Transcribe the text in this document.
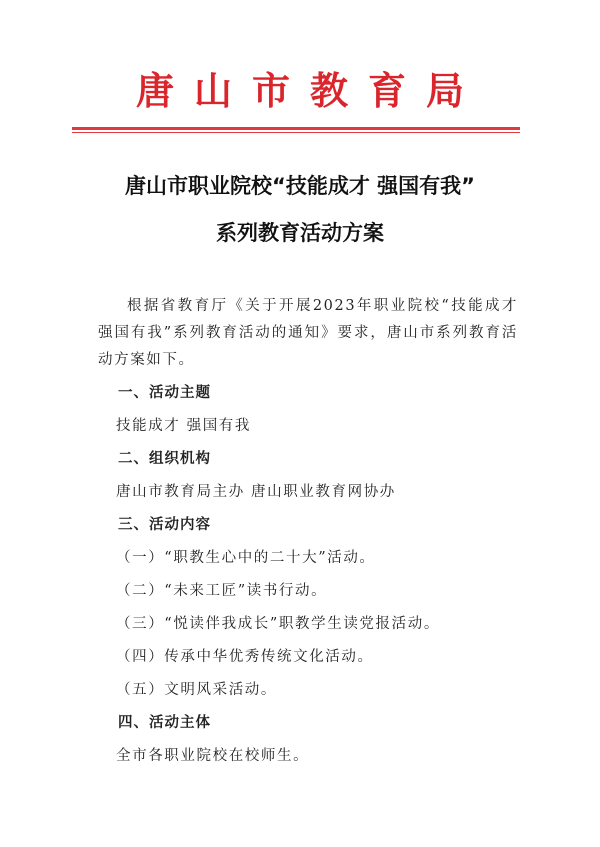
唐山市教育局
唐山市职业院校“技能成才 强国有我”
系列教育活动方案

根据省教育厅《关于开展2023年职业院校“技能成才 强国有我”系列教育活动的通知》要求，唐山市系列教育活动方案如下。

一、活动主题
技能成才 强国有我
二、组织机构
唐山市教育局主办 唐山职业教育网协办
三、活动内容
（一）“职教生心中的二十大”活动。
（二）“未来工匠”读书行动。
（三）“悦读伴我成长”职教学生读党报活动。
（四）传承中华优秀传统文化活动。
（五）文明风采活动。
四、活动主体
全市各职业院校在校师生。
